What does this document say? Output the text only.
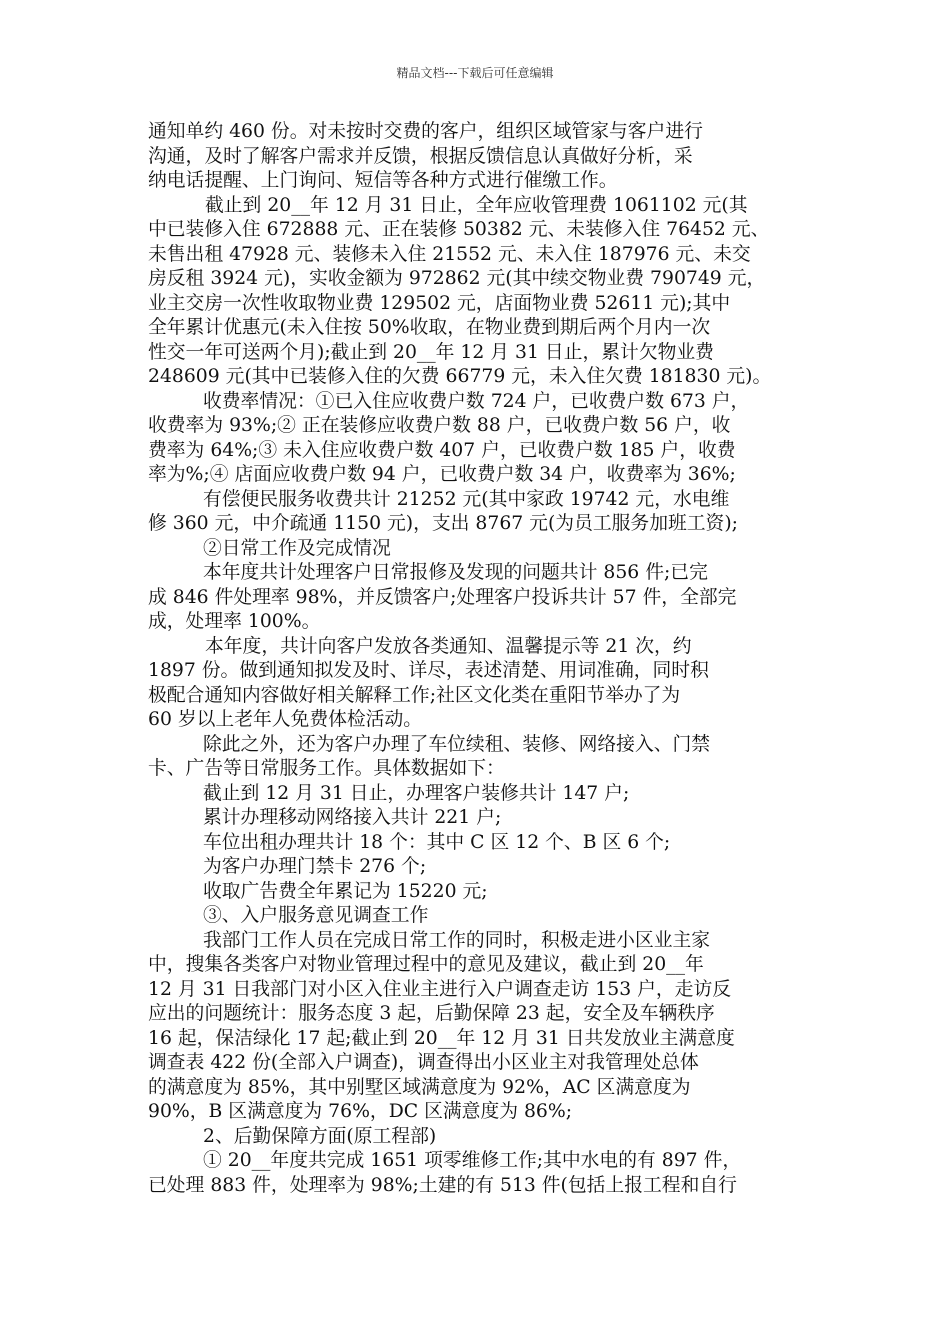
精品文档---下载后可任意编辑
通知单约 460 份。对未按时交费的客户，组织区域管家与客户进行
沟通，及时了解客户需求并反馈，根据反馈信息认真做好分析，采
纳电话提醒、上门询问、短信等各种方式进行催缴工作。
截止到 20__年 12 月 31 日止，全年应收管理费 1061102 元(其
中已装修入住 672888 元、正在装修 50382 元、未装修入住 76452 元、
未售出租 47928 元、装修未入住 21552 元、未入住 187976 元、未交
房反租 3924 元)，实收金额为 972862 元(其中续交物业费 790749 元，
业主交房一次性收取物业费 129502 元，店面物业费 52611 元);其中
全年累计优惠元(未入住按 50%收取，在物业费到期后两个月内一次
性交一年可送两个月);截止到 20__年 12 月 31 日止，累计欠物业费
248609 元(其中已装修入住的欠费 66779 元，未入住欠费 181830 元)。
收费率情况：①已入住应收费户数 724 户，已收费户数 673 户，
收费率为 93%;② 正在装修应收费户数 88 户，已收费户数 56 户，收
费率为 64%;③ 未入住应收费户数 407 户，已收费户数 185 户，收费
率为%;④ 店面应收费户数 94 户，已收费户数 34 户，收费率为 36%;
有偿便民服务收费共计 21252 元(其中家政 19742 元，水电维
修 360 元，中介疏通 1150 元)，支出 8767 元(为员工服务加班工资);
②日常工作及完成情况
本年度共计处理客户日常报修及发现的问题共计 856 件;已完
成 846 件处理率 98%，并反馈客户;处理客户投诉共计 57 件，全部完
成，处理率 100%。
本年度，共计向客户发放各类通知、温馨提示等 21 次，约
1897 份。做到通知拟发及时、详尽，表述清楚、用词准确，同时积
极配合通知内容做好相关解释工作;社区文化类在重阳节举办了为
60 岁以上老年人免费体检活动。
除此之外，还为客户办理了车位续租、装修、网络接入、门禁
卡、广告等日常服务工作。具体数据如下：
截止到 12 月 31 日止，办理客户装修共计 147 户;
累计办理移动网络接入共计 221 户;
车位出租办理共计 18 个：其中 C 区 12 个、B 区 6 个;
为客户办理门禁卡 276 个;
收取广告费全年累记为 15220 元;
③、入户服务意见调查工作
我部门工作人员在完成日常工作的同时，积极走进小区业主家
中，搜集各类客户对物业管理过程中的意见及建议，截止到 20__年
12 月 31 日我部门对小区入住业主进行入户调查走访 153 户，走访反
应出的问题统计：服务态度 3 起，后勤保障 23 起，安全及车辆秩序
16 起，保洁绿化 17 起;截止到 20__年 12 月 31 日共发放业主满意度
调查表 422 份(全部入户调查)，调查得出小区业主对我管理处总体
的满意度为 85%，其中别墅区域满意度为 92%，AC 区满意度为
90%，B 区满意度为 76%，DC 区满意度为 86%;
2、后勤保障方面(原工程部)
① 20__年度共完成 1651 项零维修工作;其中水电的有 897 件，
已处理 883 件，处理率为 98%;土建的有 513 件(包括上报工程和自行
